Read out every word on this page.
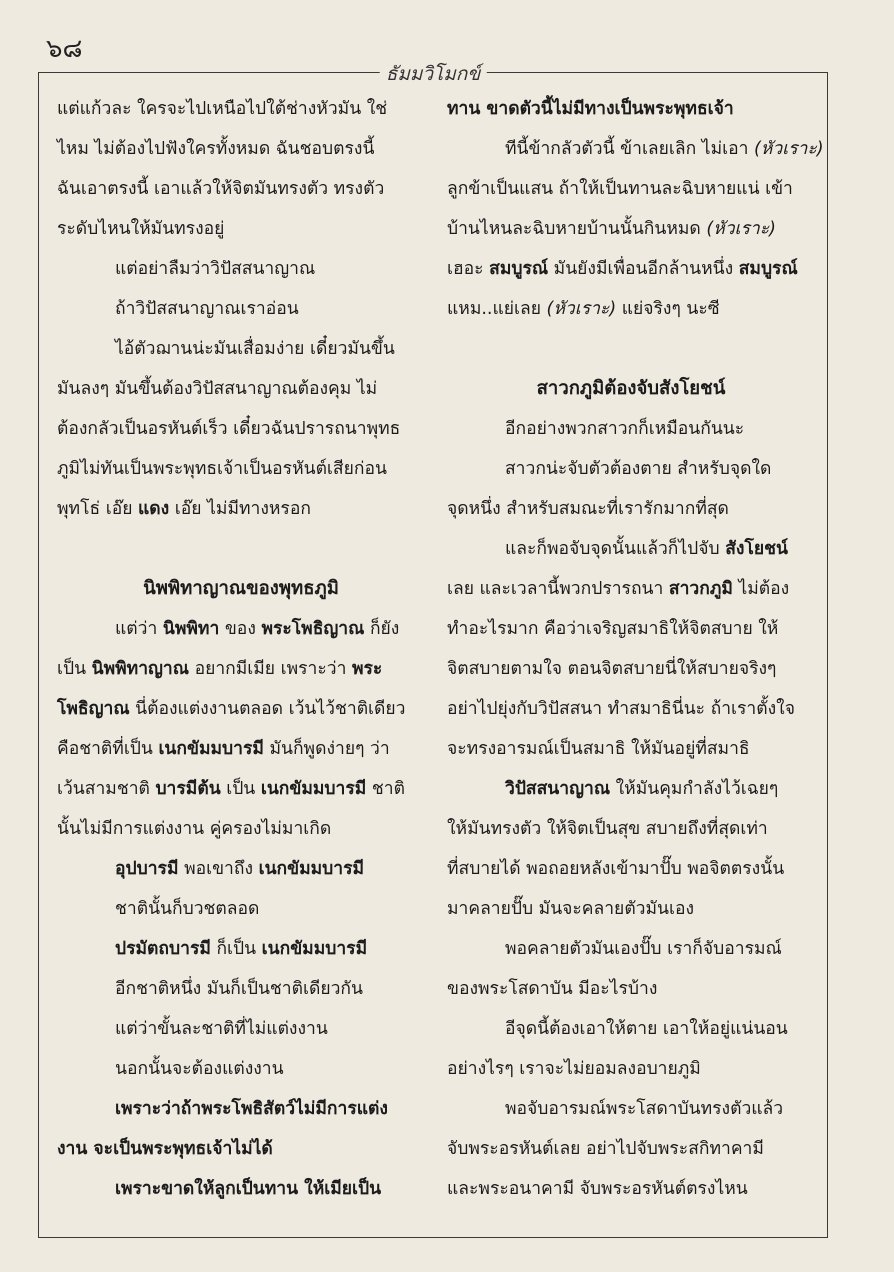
๖๘
ธัมมวิโมกข์
แต่แก้วละ ใครจะไปเหนือไปใต้ช่างหัวมัน ใช่
ไหม ไม่ต้องไปฟังใครทั้งหมด ฉันชอบตรงนี้
ฉันเอาตรงนี้ เอาแล้วให้จิตมันทรงตัว ทรงตัว
ระดับไหนให้มันทรงอยู่
แต่อย่าลืมว่าวิปัสสนาญาณ
ถ้าวิปัสสนาญาณเราอ่อน
ไอ้ตัวฌานน่ะมันเสื่อมง่าย เดี๋ยวมันขึ้น
มันลงๆ มันขึ้นต้องวิปัสสนาญาณต้องคุม ไม่
ต้องกลัวเป็นอรหันต์เร็ว เดี๋ยวฉันปรารถนาพุทธ
ภูมิไม่ทันเป็นพระพุทธเจ้าเป็นอรหันต์เสียก่อน
พุทโธ่ เอ๊ย แดง เอ๊ย ไม่มีทางหรอก
นิพพิทาญาณของพุทธภูมิ
แต่ว่า นิพพิทา ของ พระโพธิญาณ ก็ยัง
เป็น นิพพิทาญาณ อยากมีเมีย เพราะว่า พระ
โพธิญาณ นี่ต้องแต่งงานตลอด เว้นไว้ชาติเดียว
คือชาติที่เป็น เนกขัมมบารมี มันก็พูดง่ายๆ ว่า
เว้นสามชาติ บารมีต้น เป็น เนกขัมมบารมี ชาติ
นั้นไม่มีการแต่งงาน คู่ครองไม่มาเกิด
อุปบารมี พอเขาถึง เนกขัมมบารมี
ชาตินั้นก็บวชตลอด
ปรมัตถบารมี ก็เป็น เนกขัมมบารมี
อีกชาติหนึ่ง มันก็เป็นชาติเดียวกัน
แต่ว่าขั้นละชาติที่ไม่แต่งงาน
นอกนั้นจะต้องแต่งงาน
เพราะว่าถ้าพระโพธิสัตว์ไม่มีการแต่ง
งาน จะเป็นพระพุทธเจ้าไม่ได้
เพราะขาดให้ลูกเป็นทาน ให้เมียเป็น
ทาน ขาดตัวนี้ไม่มีทางเป็นพระพุทธเจ้า
ทีนี้ข้ากลัวตัวนี้ ข้าเลยเลิก ไม่เอา (หัวเราะ)
ลูกข้าเป็นแสน ถ้าให้เป็นทานละฉิบหายแน่ เข้า
บ้านไหนละฉิบหายบ้านนั้นกินหมด (หัวเราะ)
เฮอะ สมบูรณ์ มันยังมีเพื่อนอีกล้านหนึ่ง สมบูรณ์
แหม..แย่เลย (หัวเราะ) แย่จริงๆ นะซี
สาวกภูมิต้องจับสังโยชน์
อีกอย่างพวกสาวกก็เหมือนกันนะ
สาวกน่ะจับตัวต้องตาย สำหรับจุดใด
จุดหนึ่ง สำหรับสมณะที่เรารักมากที่สุด
และก็พอจับจุดนั้นแล้วก็ไปจับ สังโยชน์
เลย และเวลานี้พวกปรารถนา สาวกภูมิ ไม่ต้อง
ทำอะไรมาก คือว่าเจริญสมาธิให้จิตสบาย ให้
จิตสบายตามใจ ตอนจิตสบายนี่ให้สบายจริงๆ
อย่าไปยุ่งกับวิปัสสนา ทำสมาธินี่นะ ถ้าเราตั้งใจ
จะทรงอารมณ์เป็นสมาธิ ให้มันอยู่ที่สมาธิ
วิปัสสนาญาณ ให้มันคุมกำลังไว้เฉยๆ
ให้มันทรงตัว ให้จิตเป็นสุข สบายถึงที่สุดเท่า
ที่สบายได้ พอถอยหลังเข้ามาปั๊บ พอจิตตรงนั้น
มาคลายปั๊บ มันจะคลายตัวมันเอง
พอคลายตัวมันเองปั๊บ เราก็จับอารมณ์
ของพระโสดาบัน มีอะไรบ้าง
อีจุดนี้ต้องเอาให้ตาย เอาให้อยู่แน่นอน
อย่างไรๆ เราจะไม่ยอมลงอบายภูมิ
พอจับอารมณ์พระโสดาบันทรงตัวแล้ว
จับพระอรหันต์เลย อย่าไปจับพระสกิทาคามี
และพระอนาคามี จับพระอรหันต์ตรงไหน
